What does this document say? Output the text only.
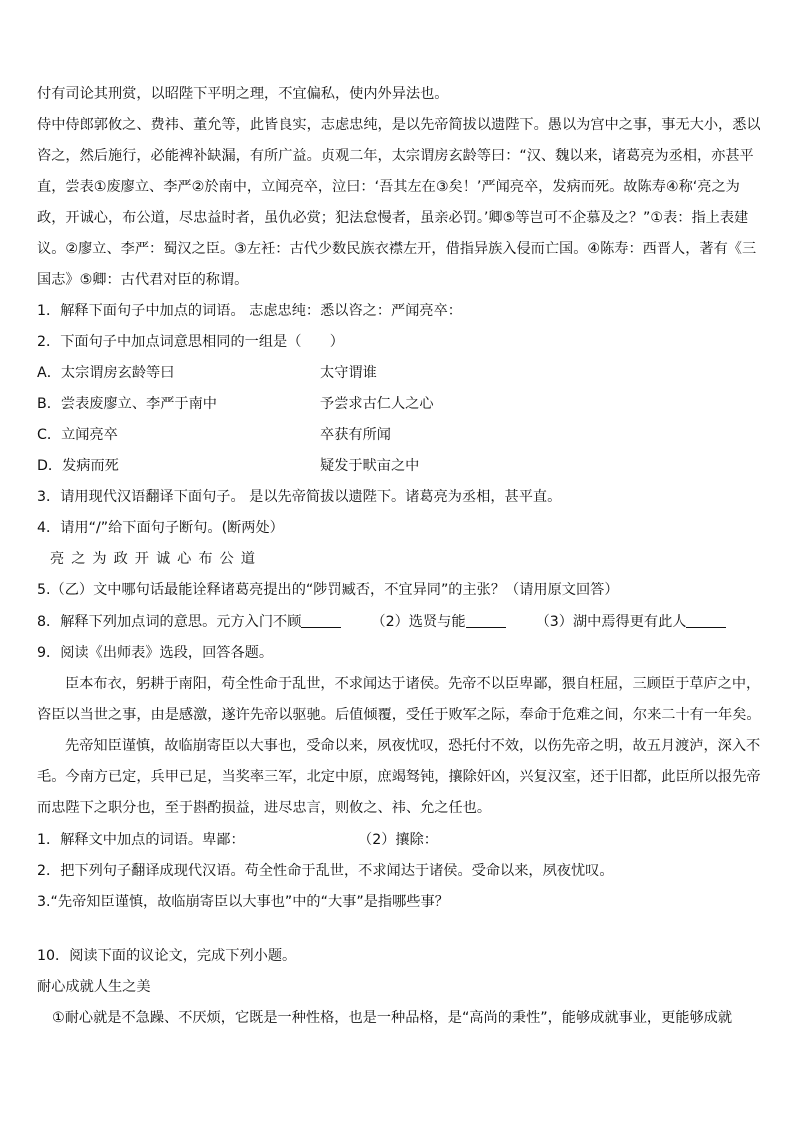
付有司论其刑赏，以昭陛下平明之理，不宜偏私，使内外异法也。
侍中侍郎郭攸之、费祎、董允等，此皆良实，志虑忠纯，是以先帝简拔以遗陛下。愚以为宫中之事，事无大小，悉以
咨之，然后施行，必能裨补缺漏，有所广益。贞观二年，太宗谓房玄龄等曰：“汉、魏以来，诸葛亮为丞相，亦甚平
直，尝表①废廖立、李严②於南中，立闻亮卒，泣曰：‘吾其左在③矣！’严闻亮卒，发病而死。故陈寿④称‘亮之为
政，开诚心，布公道，尽忠益时者，虽仇必赏；犯法怠慢者，虽亲必罚。’卿⑤等岂可不企慕及之？”①表：指上表建
议。②廖立、李严：蜀汉之臣。③左衽：古代少数民族衣襟左开，借指异族入侵而亡国。④陈寿：西晋人，著有《三
国志》⑤卿：古代君对臣的称谓。
1．解释下面句子中加点的词语。 志虑忠纯：悉以咨之：严闻亮卒：
2．下面句子中加点词意思相同的一组是（　　）
A．太宗谓房玄龄等曰	太守谓谁
B．尝表废廖立、李严于南中	予尝求古仁人之心
C．立闻亮卒	卒获有所闻
D．发病而死	疑发于畎亩之中
3．请用现代汉语翻译下面句子。 是以先帝简拔以遗陛下。诸葛亮为丞相，甚平直。
4．请用“/”给下面句子断句。(断两处）
亮之为政开诚心布公道
5.（乙）文中哪句话最能诠释诸葛亮提出的“陟罚臧否，不宜异同”的主张？（请用原文回答）
8．解释下列加点词的意思。元方入门不顾	（2）选贤与能	（3）湖中焉得更有此人
9．阅读《出师表》选段，回答各题。
臣本布衣，躬耕于南阳，苟全性命于乱世，不求闻达于诸侯。先帝不以臣卑鄙，猥自枉屈，三顾臣于草庐之中，
咨臣以当世之事，由是感激，遂许先帝以驱驰。后值倾覆，受任于败军之际，奉命于危难之间，尔来二十有一年矣。
先帝知臣谨慎，故临崩寄臣以大事也，受命以来，夙夜忧叹，恐托付不效，以伤先帝之明，故五月渡泸，深入不
毛。今南方已定，兵甲已足，当奖率三军，北定中原，庶竭驽钝，攘除奸凶，兴复汉室，还于旧都，此臣所以报先帝
而忠陛下之职分也，至于斟酌损益，进尽忠言，则攸之、祎、允之任也。
1．解释文中加点的词语。卑鄙：	（2）攘除：
2．把下列句子翻译成现代汉语。苟全性命于乱世，不求闻达于诸侯。受命以来，夙夜忧叹。
3.“先帝知臣谨慎，故临崩寄臣以大事也”中的“大事”是指哪些事？
10．阅读下面的议论文，完成下列小题。
耐心成就人生之美
①耐心就是不急躁、不厌烦，它既是一种性格，也是一种品格，是“高尚的秉性”，能够成就事业，更能够成就
